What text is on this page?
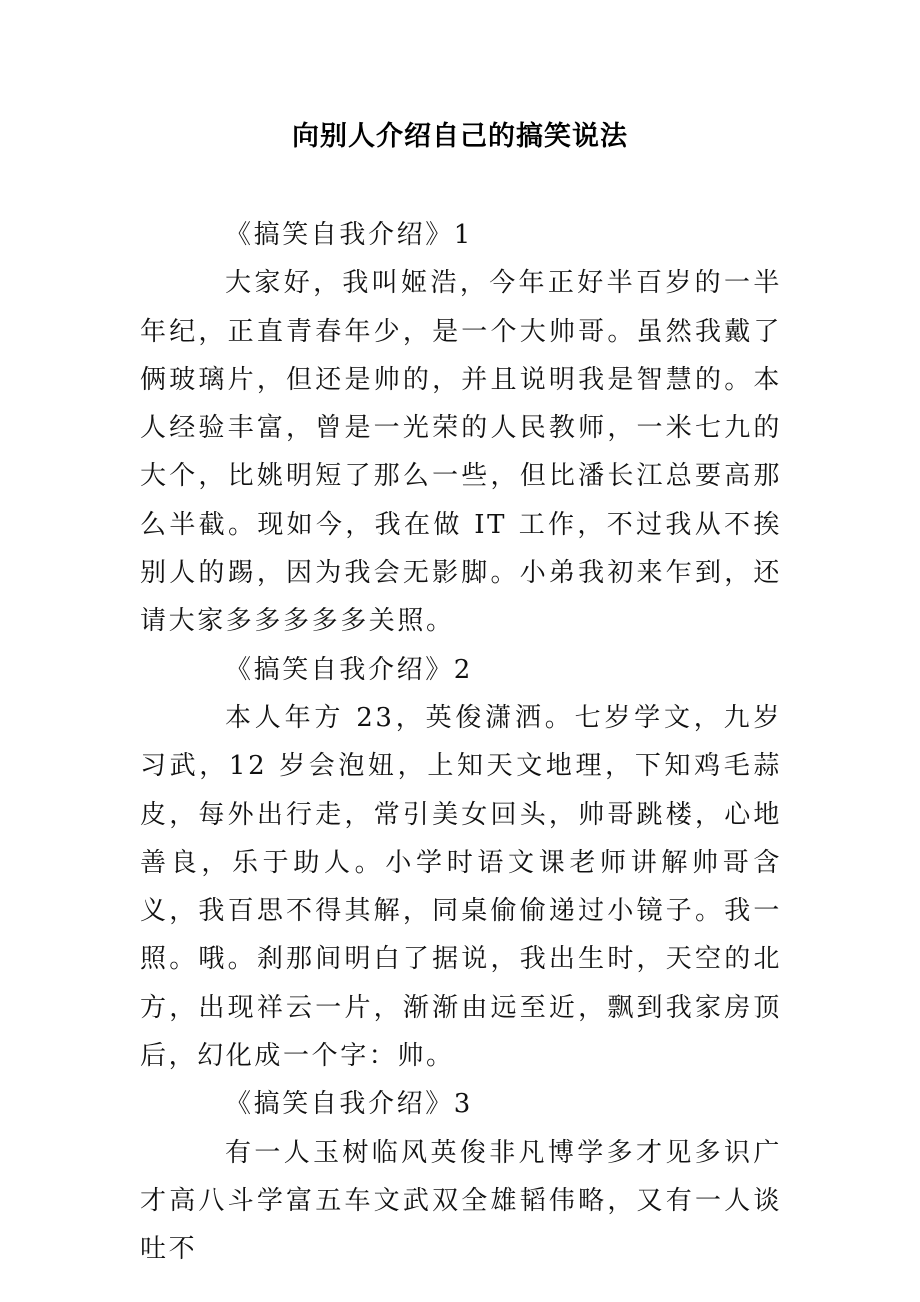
向别人介绍自己的搞笑说法

《搞笑自我介绍》1

大家好，我叫姬浩，今年正好半百岁的一半年纪，正直青春年少，是一个大帅哥。虽然我戴了俩玻璃片，但还是帅的，并且说明我是智慧的。本人经验丰富，曾是一光荣的人民教师，一米七九的大个，比姚明短了那么一些，但比潘长江总要高那么半截。现如今，我在做 IT 工作，不过我从不挨别人的踢，因为我会无影脚。小弟我初来乍到，还请大家多多多多多关照。

《搞笑自我介绍》2

本人年方 23，英俊潇洒。七岁学文，九岁习武，12 岁会泡妞，上知天文地理，下知鸡毛蒜皮，每外出行走，常引美女回头，帅哥跳楼，心地善良，乐于助人。小学时语文课老师讲解帅哥含义，我百思不得其解，同桌偷偷递过小镜子。我一照。哦。刹那间明白了据说，我出生时，天空的北方，出现祥云一片，渐渐由远至近，飘到我家房顶后，幻化成一个字：帅。

《搞笑自我介绍》3

有一人玉树临风英俊非凡博学多才见多识广才高八斗学富五车文武双全雄韬伟略，又有一人谈吐不
